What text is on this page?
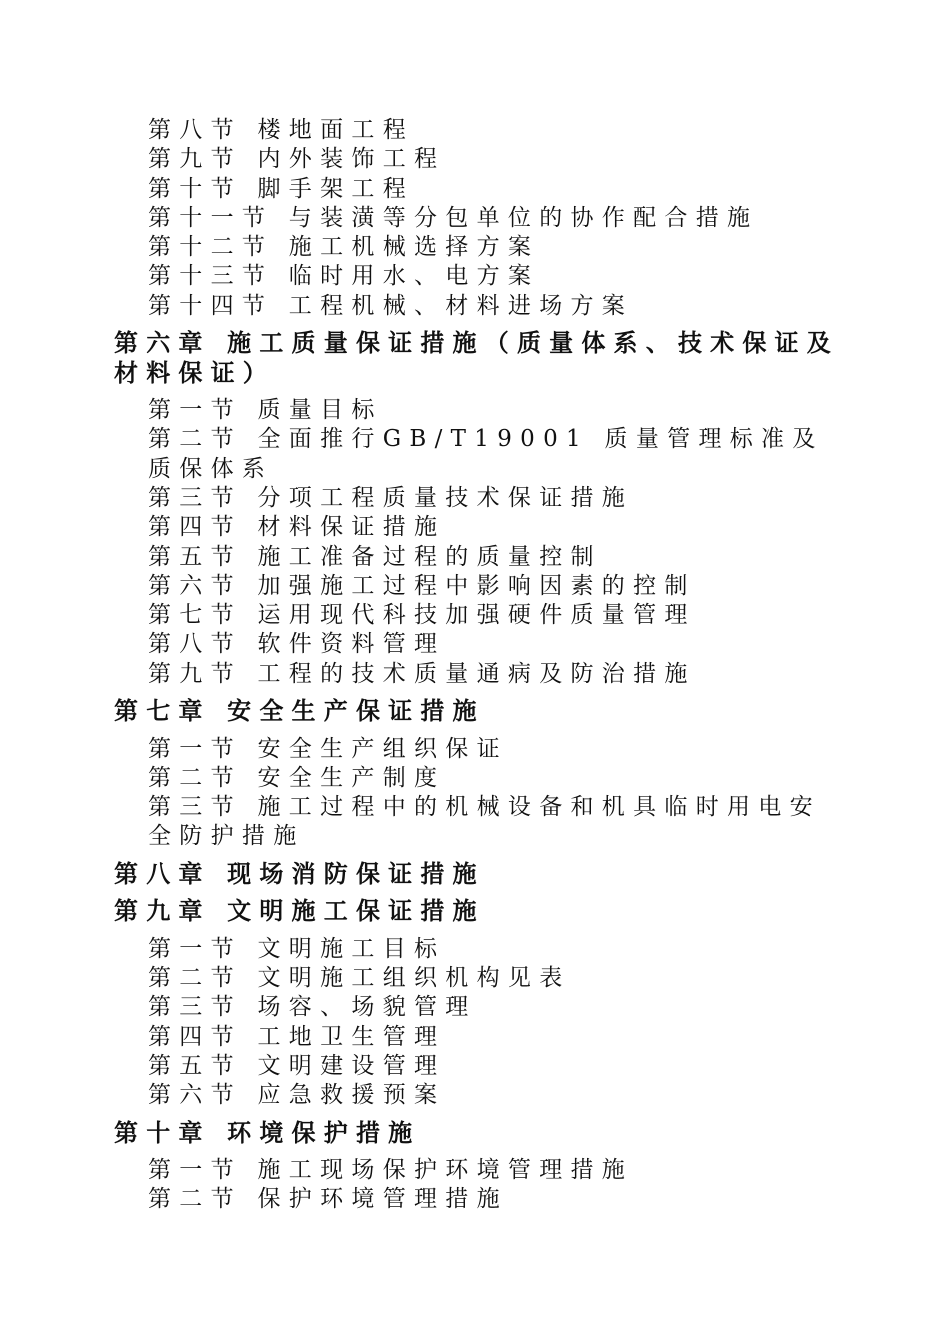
第八节 楼地面工程
第九节 内外装饰工程
第十节 脚手架工程
第十一节 与装潢等分包单位的协作配合措施
第十二节 施工机械选择方案
第十三节 临时用水、电方案
第十四节 工程机械、材料进场方案
第六章 施工质量保证措施（质量体系、技术保证及材料保证）
第一节 质量目标
第二节 全面推行GB/T19001 质量管理标准及质保体系
第三节 分项工程质量技术保证措施
第四节 材料保证措施
第五节 施工准备过程的质量控制
第六节 加强施工过程中影响因素的控制
第七节 运用现代科技加强硬件质量管理
第八节 软件资料管理
第九节 工程的技术质量通病及防治措施
第七章 安全生产保证措施
第一节 安全生产组织保证
第二节 安全生产制度
第三节 施工过程中的机械设备和机具临时用电安全防护措施
第八章 现场消防保证措施
第九章 文明施工保证措施
第一节 文明施工目标
第二节 文明施工组织机构见表
第三节 场容、场貌管理
第四节 工地卫生管理
第五节 文明建设管理
第六节 应急救援预案
第十章 环境保护措施
第一节 施工现场保护环境管理措施
第二节 保护环境管理措施
